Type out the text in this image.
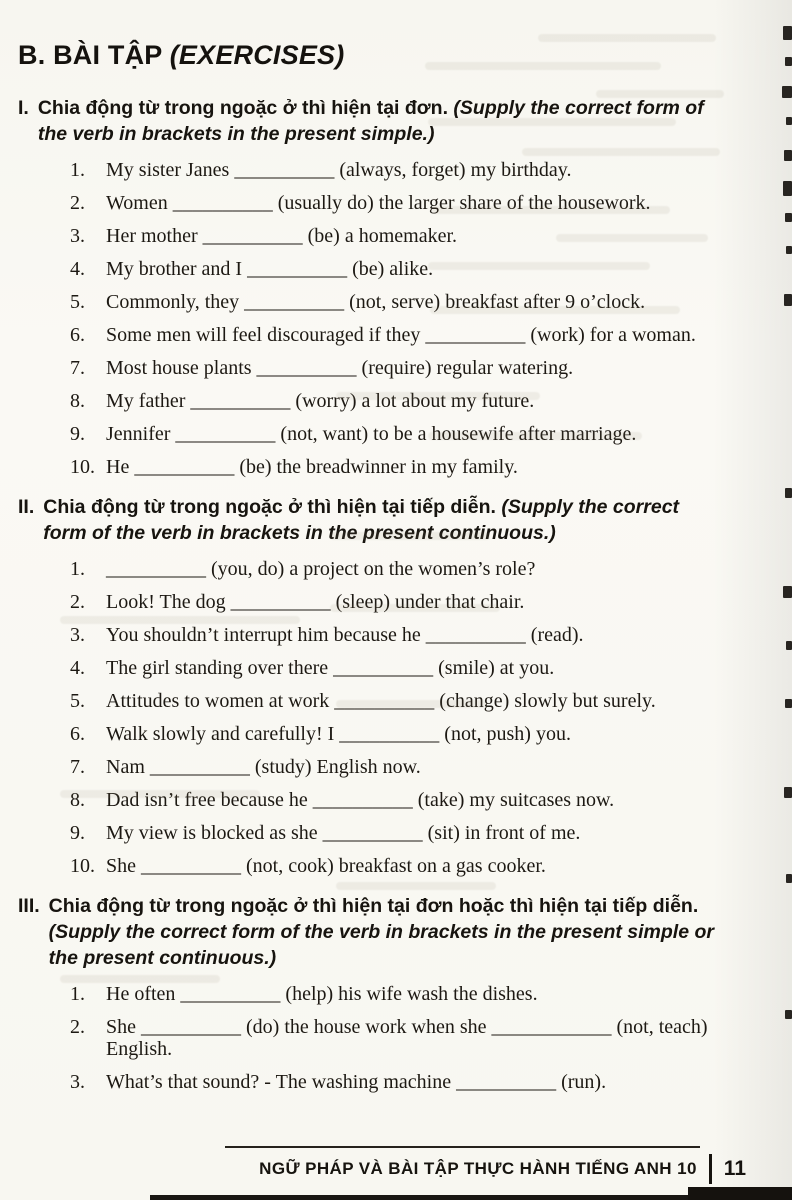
B. BÀI TẬP (EXERCISES)
I. Chia động từ trong ngoặc ở thì hiện tại đơn. (Supply the correct form of the verb in brackets in the present simple.)
1.	My sister Janes __________ (always, forget) my birthday.
2.	Women __________ (usually do) the larger share of the housework.
3.	Her mother __________ (be) a homemaker.
4.	My brother and I __________ (be) alike.
5.	Commonly, they __________ (not, serve) breakfast after 9 o’clock.
6.	Some men will feel discouraged if they __________ (work) for a woman.
7.	Most house plants __________ (require) regular watering.
8.	My father __________ (worry) a lot about my future.
9.	Jennifer __________ (not, want) to be a housewife after marriage.
10. He __________ (be) the breadwinner in my family.
II. Chia động từ trong ngoặc ở thì hiện tại tiếp diễn. (Supply the correct form of the verb in brackets in the present continuous.)
1.	__________ (you, do) a project on the women’s role?
2.	Look! The dog __________ (sleep) under that chair.
3.	You shouldn’t interrupt him because he __________ (read).
4.	The girl standing over there __________ (smile) at you.
5.	Attitudes to women at work __________ (change) slowly but surely.
6.	Walk slowly and carefully! I __________ (not, push) you.
7.	Nam __________ (study) English now.
8.	Dad isn’t free because he __________ (take) my suitcases now.
9.	My view is blocked as she __________ (sit) in front of me.
10. She __________ (not, cook) breakfast on a gas cooker.
III. Chia động từ trong ngoặc ở thì hiện tại đơn hoặc thì hiện tại tiếp diễn. (Supply the correct form of the verb in brackets in the present simple or the present continuous.)
1.	He often __________ (help) his wife wash the dishes.
2.	She __________ (do) the house work when she ____________ (not, teach) English.
3.	What’s that sound? - The washing machine __________ (run).
NGỮ PHÁP VÀ BÀI TẬP THỰC HÀNH TIẾNG ANH 10	11
